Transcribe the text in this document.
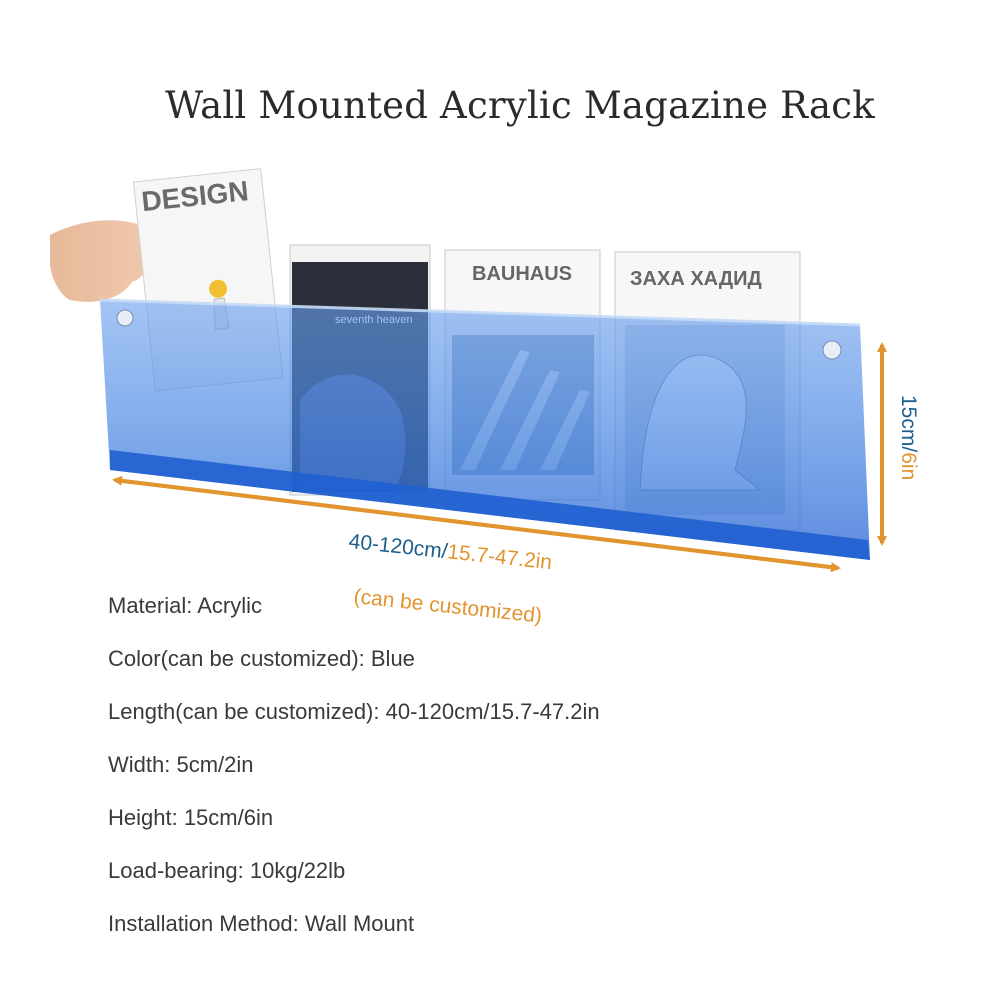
Wall Mounted Acrylic Magazine Rack
DESIGN
BAUHAUS	ЗАХА ХАДИД
40-120cm/15.7-47.2in
(can be customized)
15cm/6in
Material: Acrylic
Color(can be customized): Blue
Length(can be customized): 40-120cm/15.7-47.2in
Width: 5cm/2in
Height: 15cm/6in
Load-bearing: 10kg/22lb
Installation Method: Wall Mount
